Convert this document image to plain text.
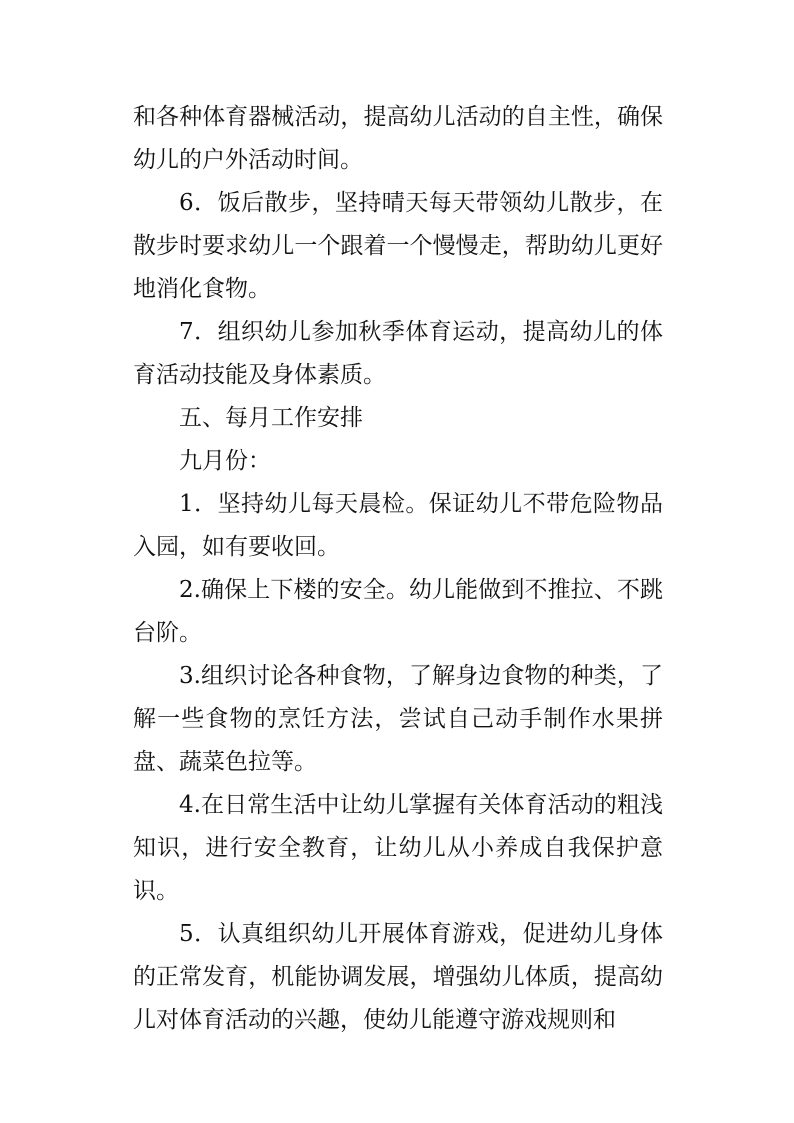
和各种体育器械活动，提高幼儿活动的自主性，确保幼儿的户外活动时间。

6．饭后散步，坚持晴天每天带领幼儿散步，在散步时要求幼儿一个跟着一个慢慢走，帮助幼儿更好地消化食物。

7．组织幼儿参加秋季体育运动，提高幼儿的体育活动技能及身体素质。

五、每月工作安排

九月份：

1．坚持幼儿每天晨检。保证幼儿不带危险物品入园，如有要收回。

2.确保上下楼的安全。幼儿能做到不推拉、不跳台阶。

3.组织讨论各种食物，了解身边食物的种类，了解一些食物的烹饪方法，尝试自己动手制作水果拼盘、蔬菜色拉等。

4.在日常生活中让幼儿掌握有关体育活动的粗浅知识，进行安全教育，让幼儿从小养成自我保护意识。

5．认真组织幼儿开展体育游戏，促进幼儿身体的正常发育，机能协调发展，增强幼儿体质，提高幼儿对体育活动的兴趣，使幼儿能遵守游戏规则和
